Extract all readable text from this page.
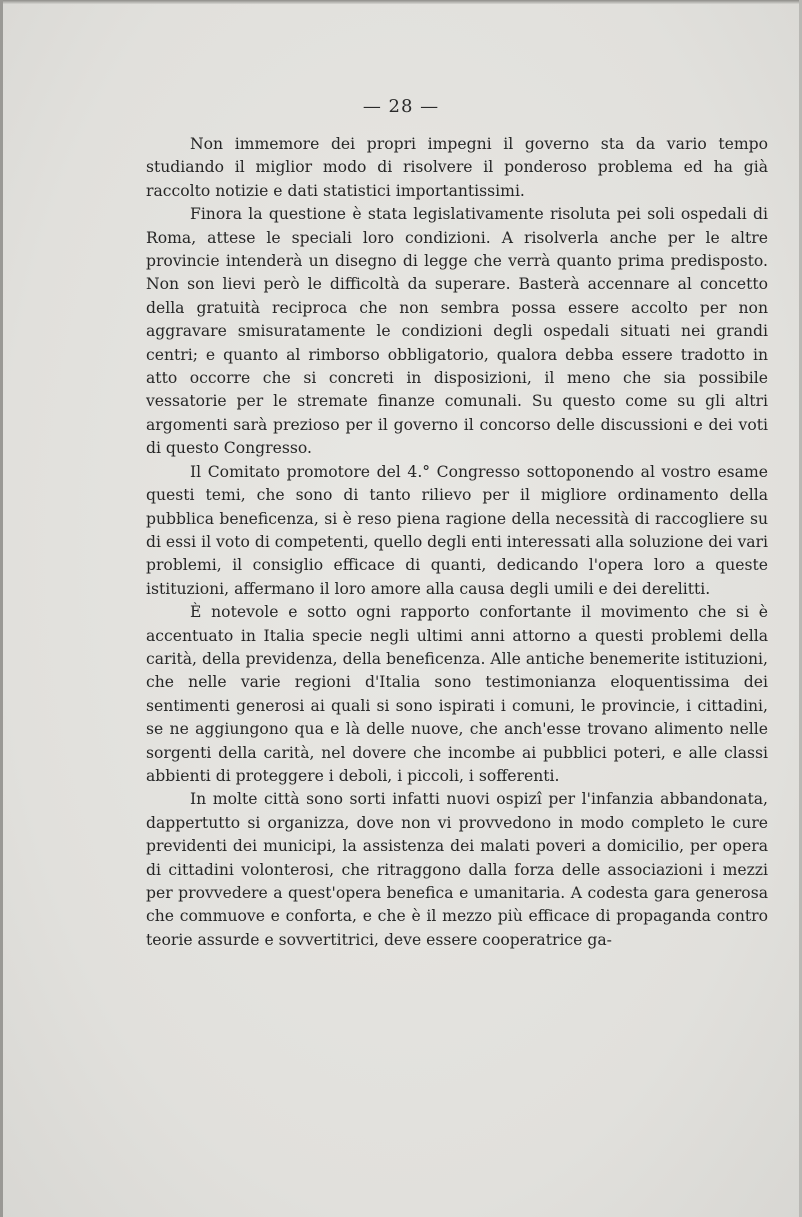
— 28 —

Non immemore dei propri impegni il governo sta da vario tempo studiando il miglior modo di risolvere il ponderoso problema ed ha già raccolto notizie e dati statistici importantissimi.

Finora la questione è stata legislativamente risoluta pei soli ospedali di Roma, attese le speciali loro condizioni. A risolverla anche per le altre provincie intenderà un disegno di legge che verrà quanto prima predisposto. Non son lievi però le difficoltà da superare. Basterà accennare al concetto della gratuità reciproca che non sembra possa essere accolto per non aggravare smisuratamente le condizioni degli ospedali situati nei grandi centri; e quanto al rimborso obbligatorio, qualora debba essere tradotto in atto occorre che si concreti in disposizioni, il meno che sia possibile vessatorie per le stremate finanze comunali. Su questo come su gli altri argomenti sarà prezioso per il governo il concorso delle discussioni e dei voti di questo Congresso.

Il Comitato promotore del 4.° Congresso sottoponendo al vostro esame questi temi, che sono di tanto rilievo per il migliore ordinamento della pubblica beneficenza, si è reso piena ragione della necessità di raccogliere su di essi il voto di competenti, quello degli enti interessati alla soluzione dei vari problemi, il consiglio efficace di quanti, dedicando l'opera loro a queste istituzioni, affermano il loro amore alla causa degli umili e dei derelitti.

È notevole e sotto ogni rapporto confortante il movimento che si è accentuato in Italia specie negli ultimi anni attorno a questi problemi della carità, della previdenza, della beneficenza. Alle antiche benemerite istituzioni, che nelle varie regioni d'Italia sono testimonianza eloquentissima dei sentimenti generosi ai quali si sono ispirati i comuni, le provincie, i cittadini, se ne aggiungono qua e là delle nuove, che anch'esse trovano alimento nelle sorgenti della carità, nel dovere che incombe ai pubblici poteri, e alle classi abbienti di proteggere i deboli, i piccoli, i sofferenti.

In molte città sono sorti infatti nuovi ospizî per l'infanzia abbandonata, dappertutto si organizza, dove non vi provvedono in modo completo le cure previdenti dei municipi, la assistenza dei malati poveri a domicilio, per opera di cittadini volonterosi, che ritraggono dalla forza delle associazioni i mezzi per provvedere a quest'opera benefica e umanitaria. A codesta gara generosa che commuove e conforta, e che è il mezzo più efficace di propaganda contro teorie assurde e sovvertitrici, deve essere cooperatrice ga-
